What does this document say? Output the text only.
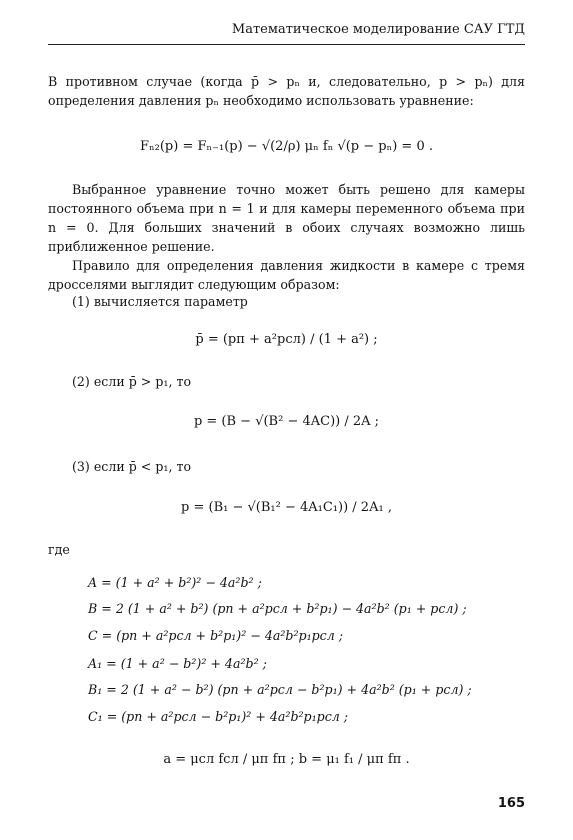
Математическое моделирование САУ ГТД

В противном случае (когда p̄ > pₙ и, следовательно, p > pₙ) для определения давления pₙ необходимо использовать уравнение:

Fₙ₂(p) = Fₙ₋₁(p) − √(2/ρ) μₙ fₙ √(p − pₙ) = 0 .

Выбранное уравнение точно может быть решено для камеры постоянного объема при n = 1 и для камеры переменного объема при n = 0. Для больших значений в обоих случаях возможно лишь приближенное решение.

Правило для определения давления жидкости в камере с тремя дросселями выглядит следующим образом:

(1) вычисляется параметр
p̄ = (pп + a²pсл) / (1 + a²) ;
(2) если p̄ > p₁, то
p = (B − √(B² − 4AC)) / 2A ;
(3) если p̄ < p₁, то
p = (B₁ − √(B₁² − 4A₁C₁)) / 2A₁ ,
где
A = (1 + a² + b²)² − 4a²b² ;
B = 2 (1 + a² + b²) (pп + a²pсл + b²p₁) − 4a²b² (p₁ + pсл) ;
C = (pп + a²pсл + b²p₁)² − 4a²b²p₁pсл ;
A₁ = (1 + a² − b²)² + 4a²b² ;
B₁ = 2 (1 + a² − b²) (pп + a²pсл − b²p₁) + 4a²b² (p₁ + pсл) ;
C₁ = (pп + a²pсл − b²p₁)² + 4a²b²p₁pсл ;
a = μсл fсл / μп fп ; b = μ₁ f₁ / μп fп .
165
